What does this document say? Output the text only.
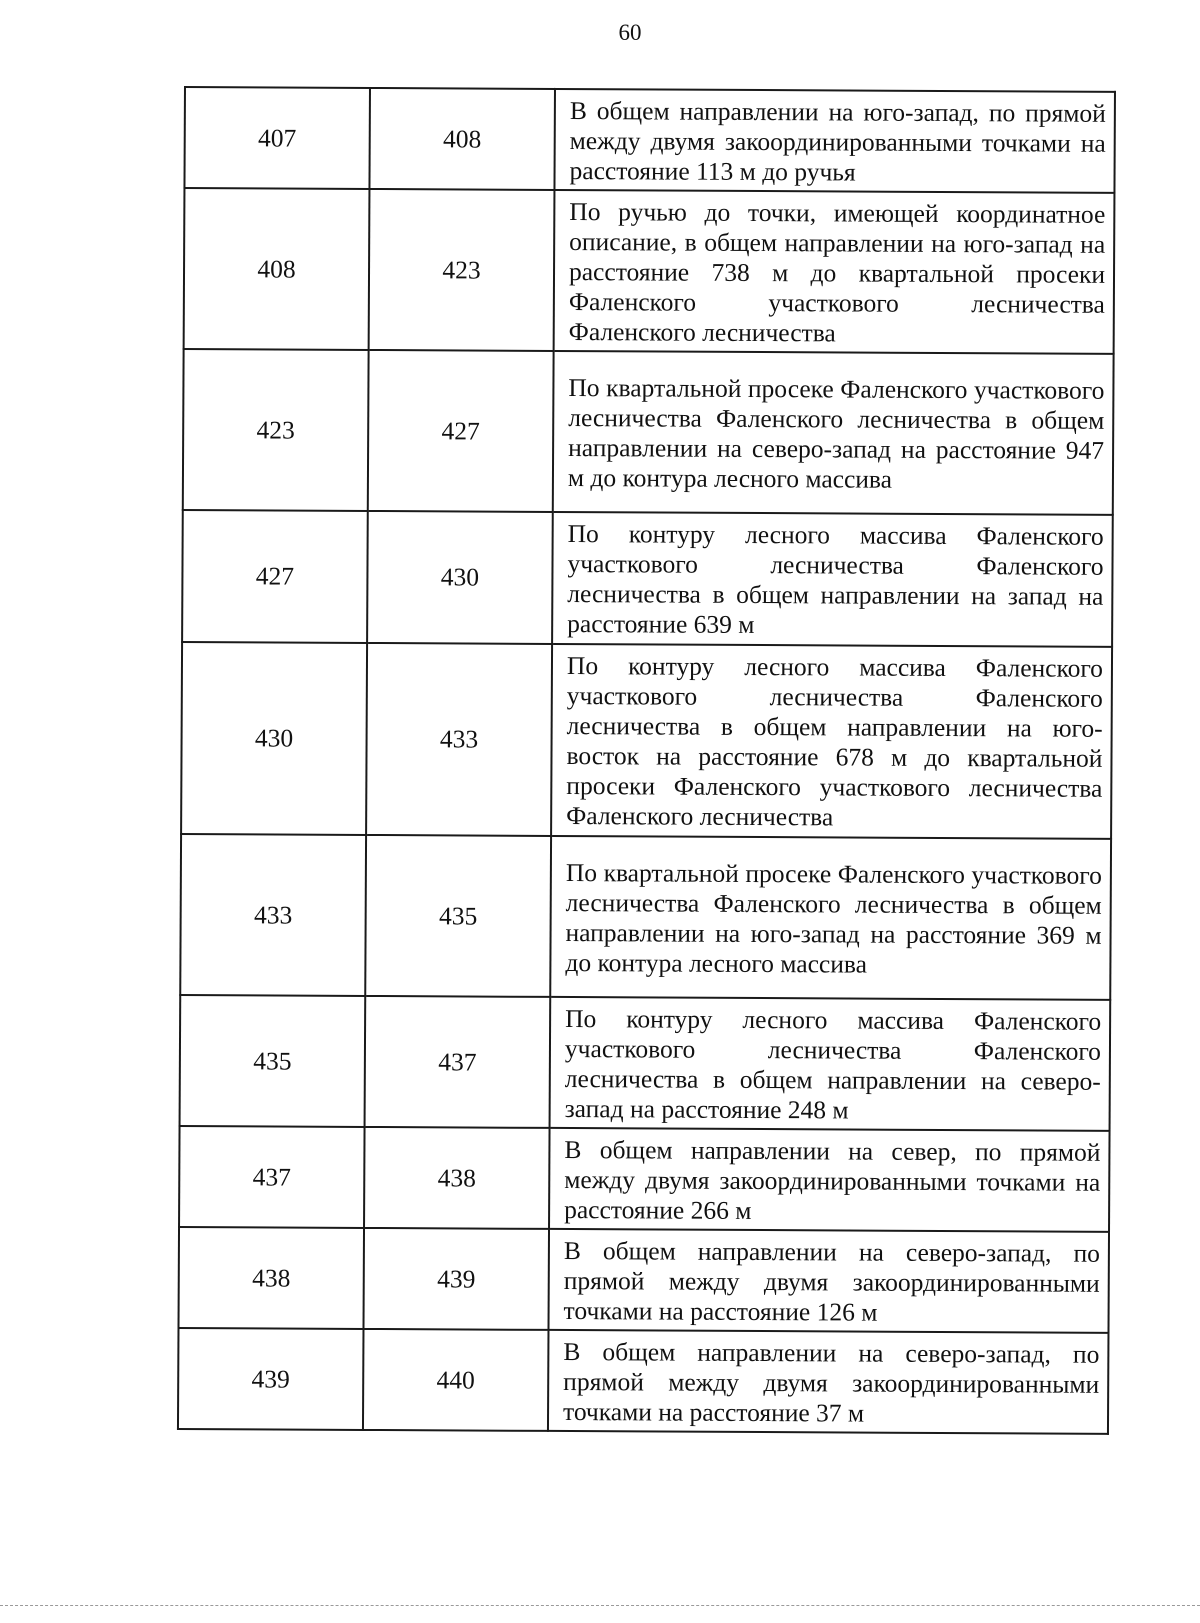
60
407	408	В общем направлении на юго-запад, по прямой между двумя закоординированными точками на расстояние 113 м до ручья
408	423	По ручью до точки, имеющей координатное описание, в общем направлении на юго-запад на расстояние 738 м до квартальной просеки Фаленского участкового лесничества Фаленского лесничества
423	427	По квартальной просеке Фаленского участкового лесничества Фаленского лесничества в общем направлении на северо-запад на расстояние 947 м до контура лесного массива
427	430	По контуру лесного массива Фаленского участкового лесничества Фаленского лесничества в общем направлении на запад на расстояние 639 м
430	433	По контуру лесного массива Фаленского участкового лесничества Фаленского лесничества в общем направлении на юго-восток на расстояние 678 м до квартальной просеки Фаленского участкового лесничества Фаленского лесничества
433	435	По квартальной просеке Фаленского участкового лесничества Фаленского лесничества в общем направлении на юго-запад на расстояние 369 м до контура лесного массива
435	437	По контуру лесного массива Фаленского участкового лесничества Фаленского лесничества в общем направлении на северо-запад на расстояние 248 м
437	438	В общем направлении на север, по прямой между двумя закоординированными точками на расстояние 266 м
438	439	В общем направлении на северо-запад, по прямой между двумя закоординированными точками на расстояние 126 м
439	440	В общем направлении на северо-запад, по прямой между двумя закоординированными точками на расстояние 37 м
